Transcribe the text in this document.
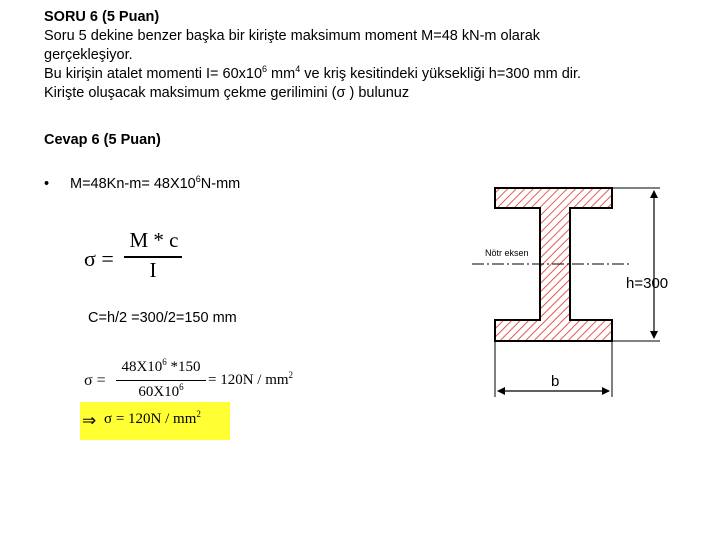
SORU 6 (5 Puan)
Soru 5 dekine benzer başka bir kirişte maksimum moment M=48 kN-m olarak
gerçekleşiyor.
Bu kirişin atalet momenti $I= 60x10^6$ $mm^4$ ve kriş kesitindeki yüksekliği h=300 mm dir.
Kirişte oluşacak maksimum çekme gerilimini (σ ) bulunuz
Cevap 6 (5 Puan)
• $M=48Kn-m= 48X10^6N-mm$
σ =
M * c
I
C=h/2 =300/2=150 mm
σ =
$48X10^6$ *150
$60X10^6$	= $120N / mm^2$
⇒ $\sigma = 120N / mm^2$
Nötr eksen
h=300
b
